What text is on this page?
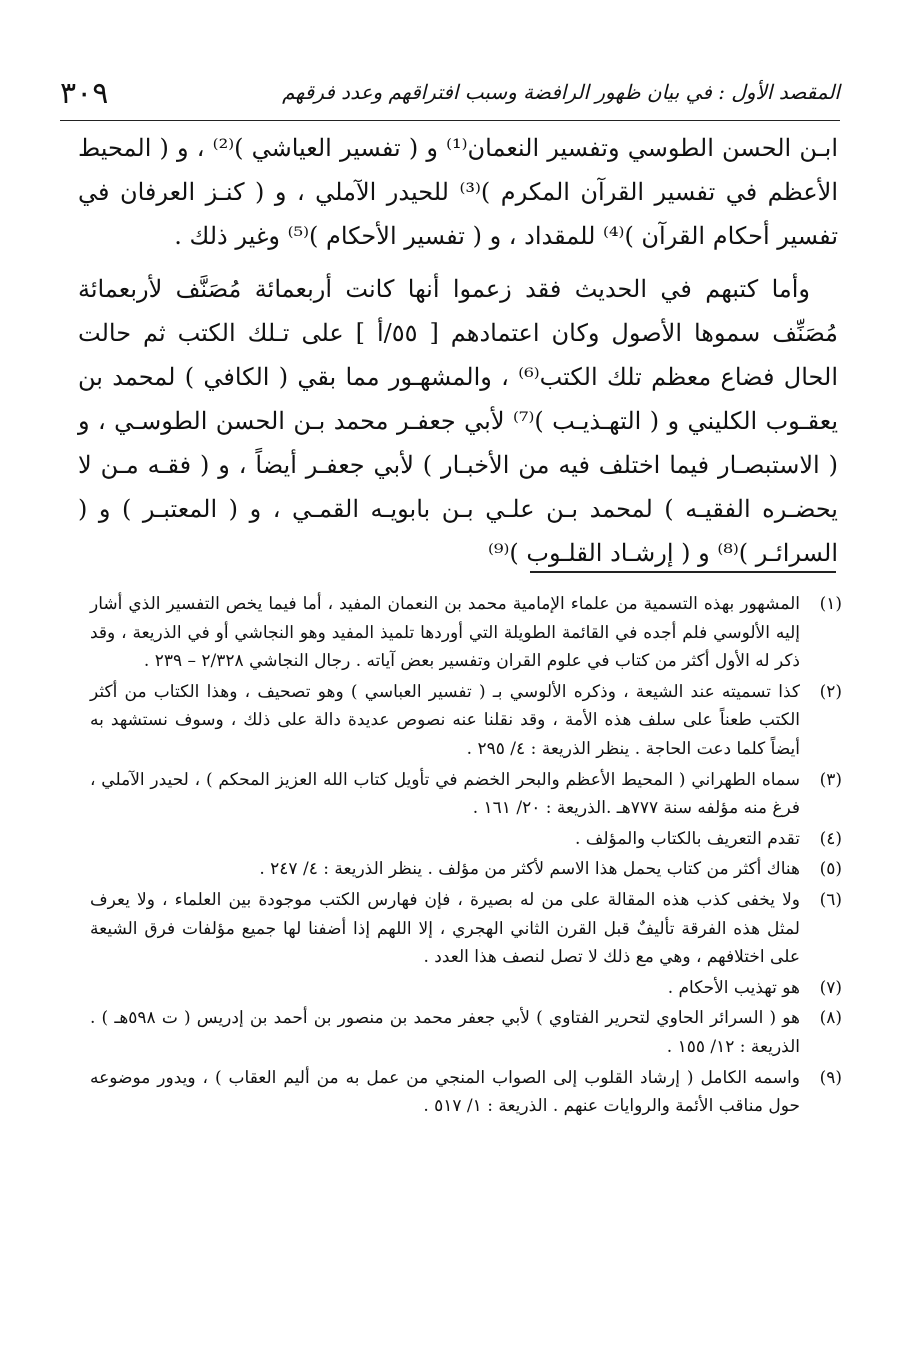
٣٠٩	المقصد الأول : في بيان ظهور الرافضة وسبب افتراقهم وعدد فرقهم

ابـن الحسن الطوسي وتفسير النعمان⁽¹⁾ و ( تفسير العياشي )⁽²⁾ ، و ( المحيط الأعظم في تفسير القرآن المكرم )⁽³⁾ للحيدر الآملي ، و ( كنـز العرفان في تفسير أحكام القرآن )⁽⁴⁾ للمقداد ، و ( تفسير الأحكام )⁽⁵⁾ وغير ذلك .

وأما كتبهم في الحديث فقد زعموا أنها كانت أربعمائة مُصَنَّف لأربعمائة مُصَنِّف سموها الأصول وكان اعتمادهم [ ٥٥/أ ] على تـلك الكتب ثم حالت الحال فضاع معظم تلك الكتب⁽⁶⁾ ، والمشهـور مما بقي ( الكافي ) لمحمد بن يعقـوب الكليني و ( التهـذيـب )⁽⁷⁾ لأبي جعفـر محمد بـن الحسن الطوسـي ، و ( الاستبصـار فيما اختلف فيه من الأخبـار ) لأبي جعفـر أيضاً ، و ( فقـه مـن لا يحضـره الفقيـه ) لمحمد بـن علـي بـن بابويـه القمـي ، و ( المعتبـر ) و ( السرائـر )⁽⁸⁾ و ( إرشـاد القلـوب )⁽⁹⁾

(١)
المشهور بهذه التسمية من علماء الإمامية محمد بن النعمان المفيد ، أما فيما يخص التفسير الذي أشار إليه الألوسي فلم أجده في القائمة الطويلة التي أوردها تلميذ المفيد وهو النجاشي أو في الذريعة ، وقد ذكر له الأول أكثر من كتاب في علوم القران وتفسير بعض آياته . رجال النجاشي ٢/٣٢٨ – ٢٣٩ .
(٢)
كذا تسميته عند الشيعة ، وذكره الألوسي بـ ( تفسير العباسي ) وهو تصحيف ، وهذا الكتاب من أكثر الكتب طعناً على سلف هذه الأمة ، وقد نقلنا عنه نصوص عديدة دالة على ذلك ، وسوف نستشهد به أيضاً كلما دعت الحاجة . ينظر الذريعة : ٤/ ٢٩٥ .
(٣)
سماه الطهراني ( المحيط الأعظم والبحر الخضم في تأويل كتاب الله العزيز المحكم ) ، لحيدر الآملي ، فرغ منه مؤلفه سنة ٧٧٧هـ .الذريعة : ٢٠/ ١٦١ .
(٤)
تقدم التعريف بالكتاب والمؤلف .
(٥)
هناك أكثر من كتاب يحمل هذا الاسم لأكثر من مؤلف . ينظر الذريعة : ٤/ ٢٤٧ .
(٦)
ولا يخفى كذب هذه المقالة على من له بصيرة ، فإن فهارس الكتب موجودة بين العلماء ، ولا يعرف لمثل هذه الفرقة تأليفٌ قبل القرن الثاني الهجري ، إلا اللهم إذا أضفنا لها جميع مؤلفات فرق الشيعة على اختلافهم ، وهي مع ذلك لا تصل لنصف هذا العدد .
(٧)
هو تهذيب الأحكام .
(٨)
هو ( السرائر الحاوي لتحرير الفتاوي ) لأبي جعفر محمد بن منصور بن أحمد بن إدريس ( ت ٥٩٨هـ ) . الذريعة : ١٢/ ١٥٥ .
(٩)
واسمه الكامل ( إرشاد القلوب إلى الصواب المنجي من عمل به من أليم العقاب ) ، ويدور موضوعه حول مناقب الأئمة والروايات عنهم . الذريعة : ١/ ٥١٧ .
